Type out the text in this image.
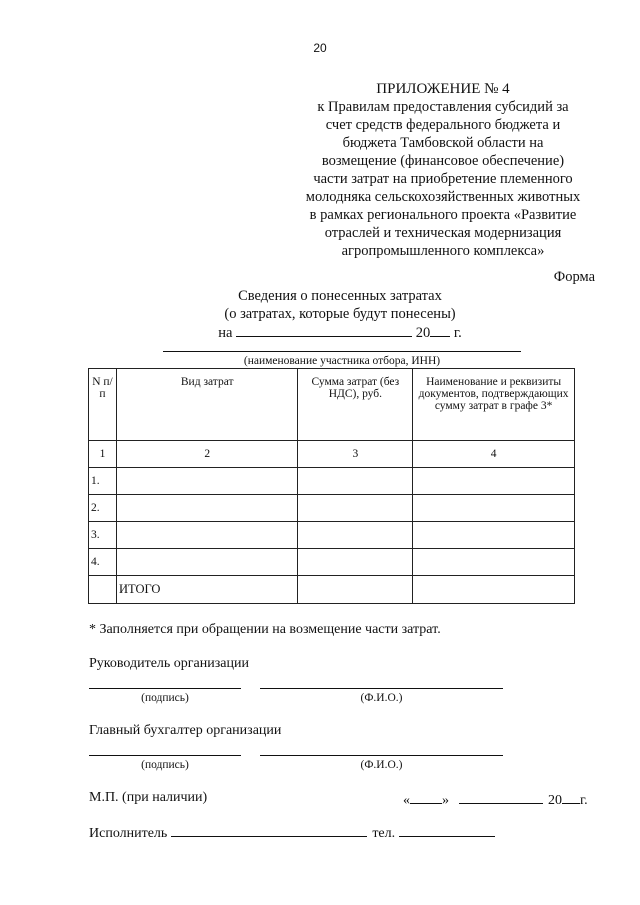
20
ПРИЛОЖЕНИЕ № 4
к Правилам предоставления субсидий за
счет средств федерального бюджета и
бюджета Тамбовской области на
возмещение (финансовое обеспечение)
части затрат на приобретение племенного
молодняка сельскохозяйственных животных
в рамках регионального проекта «Развитие
отраслей и техническая модернизация
агропромышленного комплекса»
Форма
Сведения о понесенных затратах
(о затратах, которые будут понесены)
на	20 г.
(наименование участника отбора, ИНН)
N п/п	Вид затрат	Сумма затрат (без НДС), руб.	Наименование и реквизиты документов, подтверждающих сумму затрат в графе 3*
1	2	3	4
1.			
2.			
3.			
4.			
	ИТОГО		
* Заполняется при обращении на возмещение части затрат.
Руководитель организации
(подпись)	(Ф.И.О.)
Главный бухгалтер организации
(подпись)	(Ф.И.О.)
М.П. (при наличии)	« »	20 г.
Исполнитель	тел.
